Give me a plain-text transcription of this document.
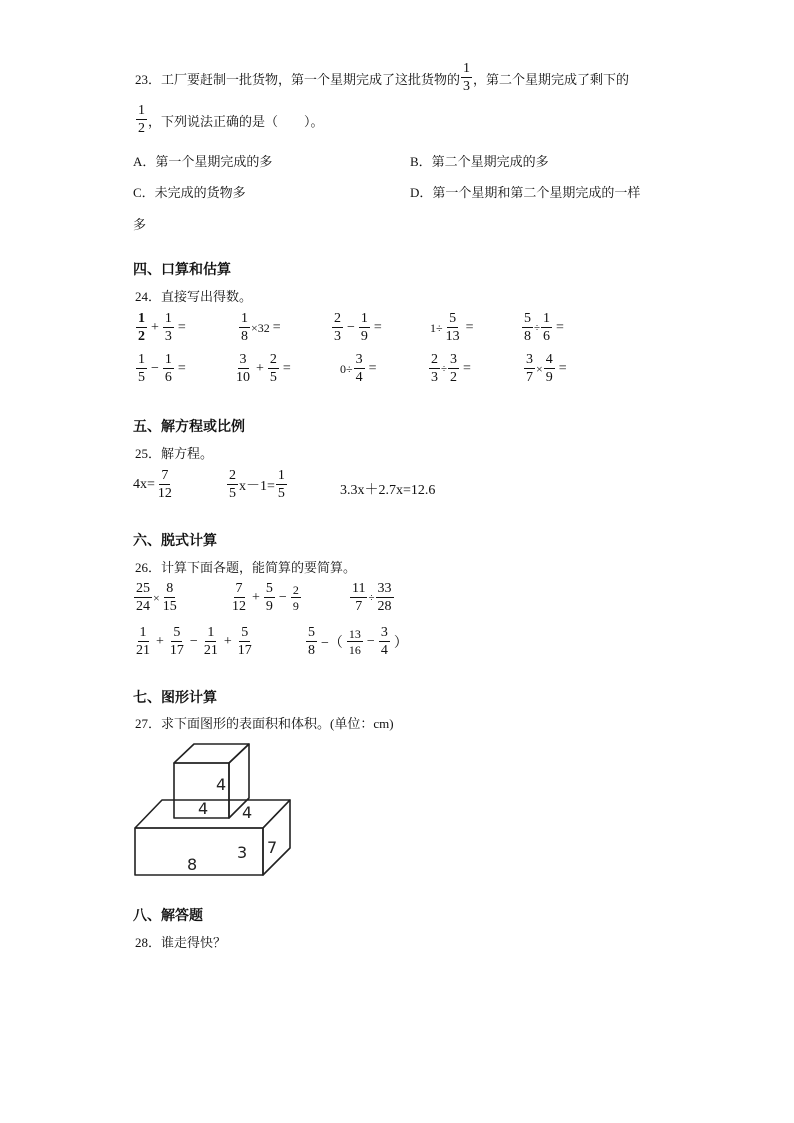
23．工厂要赶制一批货物，第一个星期完成了这批货物的 $\frac{1}{3}$ ，第二个星期完成了剩下的
$\frac{1}{2}$ ，下列说法正确的是（　　）。
A．第一个星期完成的多	B．第二个星期完成的多
C．未完成的货物多	D．第一个星期和第二个星期完成的一样
多
四、口算和估算
24．直接写出得数。
$\frac{1}{2} + \frac{1}{3}$ =	$\frac{1}{8} \times 32$ =	$\frac{2}{3} - \frac{1}{9}$ =	$1\div \frac{5}{13}$ =	$\frac{5}{8} \div \frac{1}{6}$ =
$\frac{1}{5} - \frac{1}{6}$ =	$\frac{3}{10} + \frac{2}{5}$ =	$0\div \frac{3}{4}$ =	$\frac{2}{3} \div \frac{3}{2}$ =	$\frac{3}{7} \times \frac{4}{9}$ =
五、解方程或比例
25．解方程。
$4x= \frac{7}{12}$	$\frac{2}{5} x-1= \frac{1}{5}$	3.3x＋2.7x=12.6
六、脱式计算
26．计算下面各题，能简算的要简算。
$\frac{25}{24} \times \frac{8}{15}$	$\frac{7}{12} + \frac{5}{9} - \frac{2}{9}$	$\frac{11}{7} \div \frac{33}{28}$
$\frac{1}{21} + \frac{5}{17} - \frac{1}{21} + \frac{5}{17}$	$\frac{5}{8}$ −（ $\frac{13}{16} - \frac{3}{4}$ ）
七、图形计算
27．求下面图形的表面积和体积。(单位：cm)
4
4 4
8
3 7
八、解答题
28．谁走得快？
